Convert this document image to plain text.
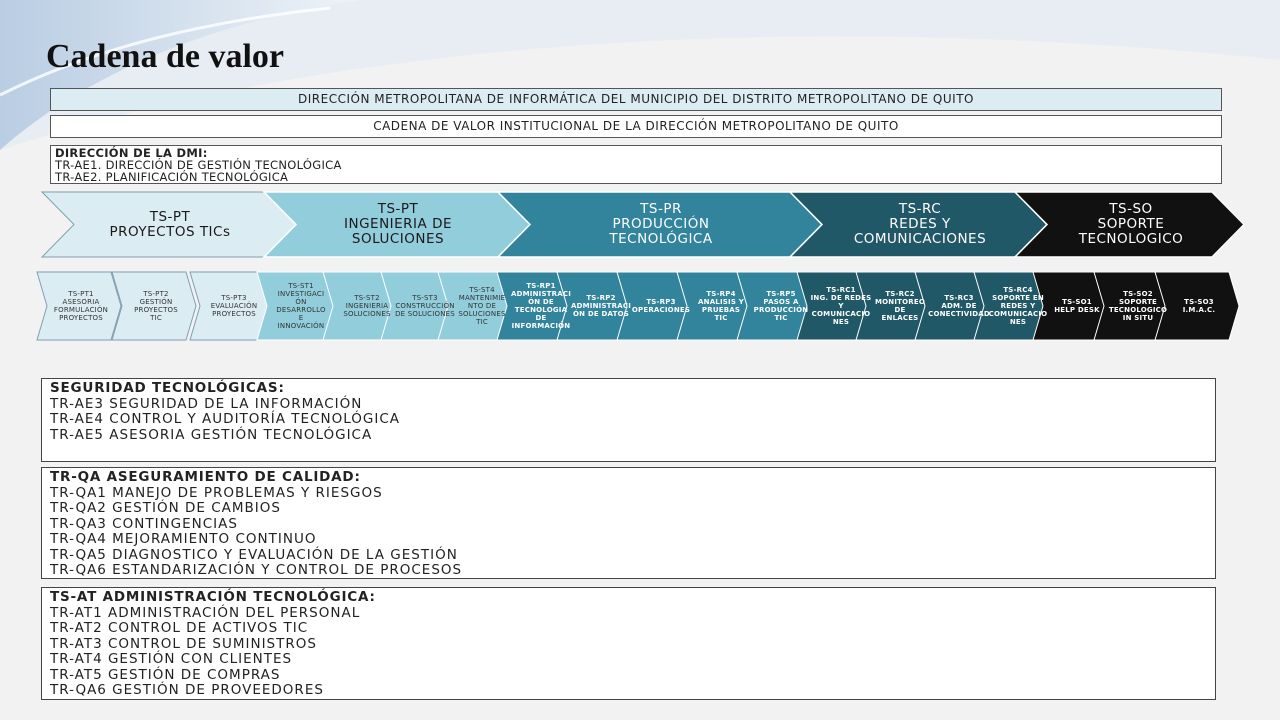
Cadena de valor
DIRECCIÓN METROPOLITANA DE INFORMÁTICA DEL MUNICIPIO DEL DISTRITO METROPOLITANO DE QUITO
CADENA DE VALOR INSTITUCIONAL DE LA DIRECCIÓN METROPOLITANO DE QUITO
DIRECCIÓN DE LA DMI:
TR-AE1. DIRECCIÓN DE GESTIÓN TECNOLÓGICA
TR-AE2. PLANIFICACIÓN TECNOLÓGICA
TS-PT
PROYECTOS TICs
TS-PT
INGENIERIA DE
SOLUCIONES
TS-PR
PRODUCCIÓN
TECNOLÓGICA
TS-RC
REDES Y
COMUNICACIONES
TS-SO
SOPORTE
TECNOLOGICO
TS-PT1
ASESORIA
FORMULACIÓN
PROYECTOS
TS-PT2
GESTIÓN
PROYECTOS
TIC
TS-PT3
EVALUACIÓN
PROYECTOS
TS-ST1
INVESTIGACI
ÓN
DESARROLLO
E
INNOVACIÓN
TS-ST2
INGENIERIA
SOLUCIONES
TS-ST3
CONSTRUCCIÓN
DE SOLUCIONES
TS-ST4
MANTENIMIE
NTO DE
SOLUCIONES
TIC
TS-RP1
ADMINISTRACI
ÓN DE
TECNOLOGIA
DE
INFORMACIÓN
TS-RP2
ADMINISTRACI
ÓN DE DATOS
TS-RP3
OPERACIONES
TS-RP4
ANALISIS Y
PRUEBAS
TIC
TS-RP5
PASOS A
PRODUCCIÓN
TIC
TS-RC1
ING. DE REDES
Y
COMUNICACIO
NES
TS-RC2
MONITOREO
DE
ENLACES
TS-RC3
ADM. DE
CONECTIVIDAD
TS-RC4
SOPORTE EN
REDES Y
COMUNICACIO
NES
TS-SO1
HELP DESK
TS-SO2
SOPORTE
TECNOLOGICO
IN SITU
TS-SO3
I.M.A.C.
SEGURIDAD TECNOLÓGICAS:
TR-AE3 SEGURIDAD DE LA INFORMACIÓN
TR-AE4 CONTROL Y AUDITORÍA TECNOLÓGICA
TR-AE5 ASESORIA GESTIÓN TECNOLÓGICA
TR-QA ASEGURAMIENTO DE CALIDAD:
TR-QA1 MANEJO DE PROBLEMAS Y RIESGOS
TR-QA2 GESTIÓN DE CAMBIOS
TR-QA3 CONTINGENCIAS
TR-QA4 MEJORAMIENTO CONTINUO
TR-QA5 DIAGNOSTICO Y EVALUACIÓN DE LA GESTIÓN
TR-QA6 ESTANDARIZACIÓN Y CONTROL DE PROCESOS
TS-AT ADMINISTRACIÓN TECNOLÓGICA:
TR-AT1 ADMINISTRACIÓN DEL PERSONAL
TR-AT2 CONTROL DE ACTIVOS TIC
TR-AT3 CONTROL DE SUMINISTROS
TR-AT4 GESTIÓN CON CLIENTES
TR-AT5 GESTIÓN DE COMPRAS
TR-QA6 GESTIÓN DE PROVEEDORES
